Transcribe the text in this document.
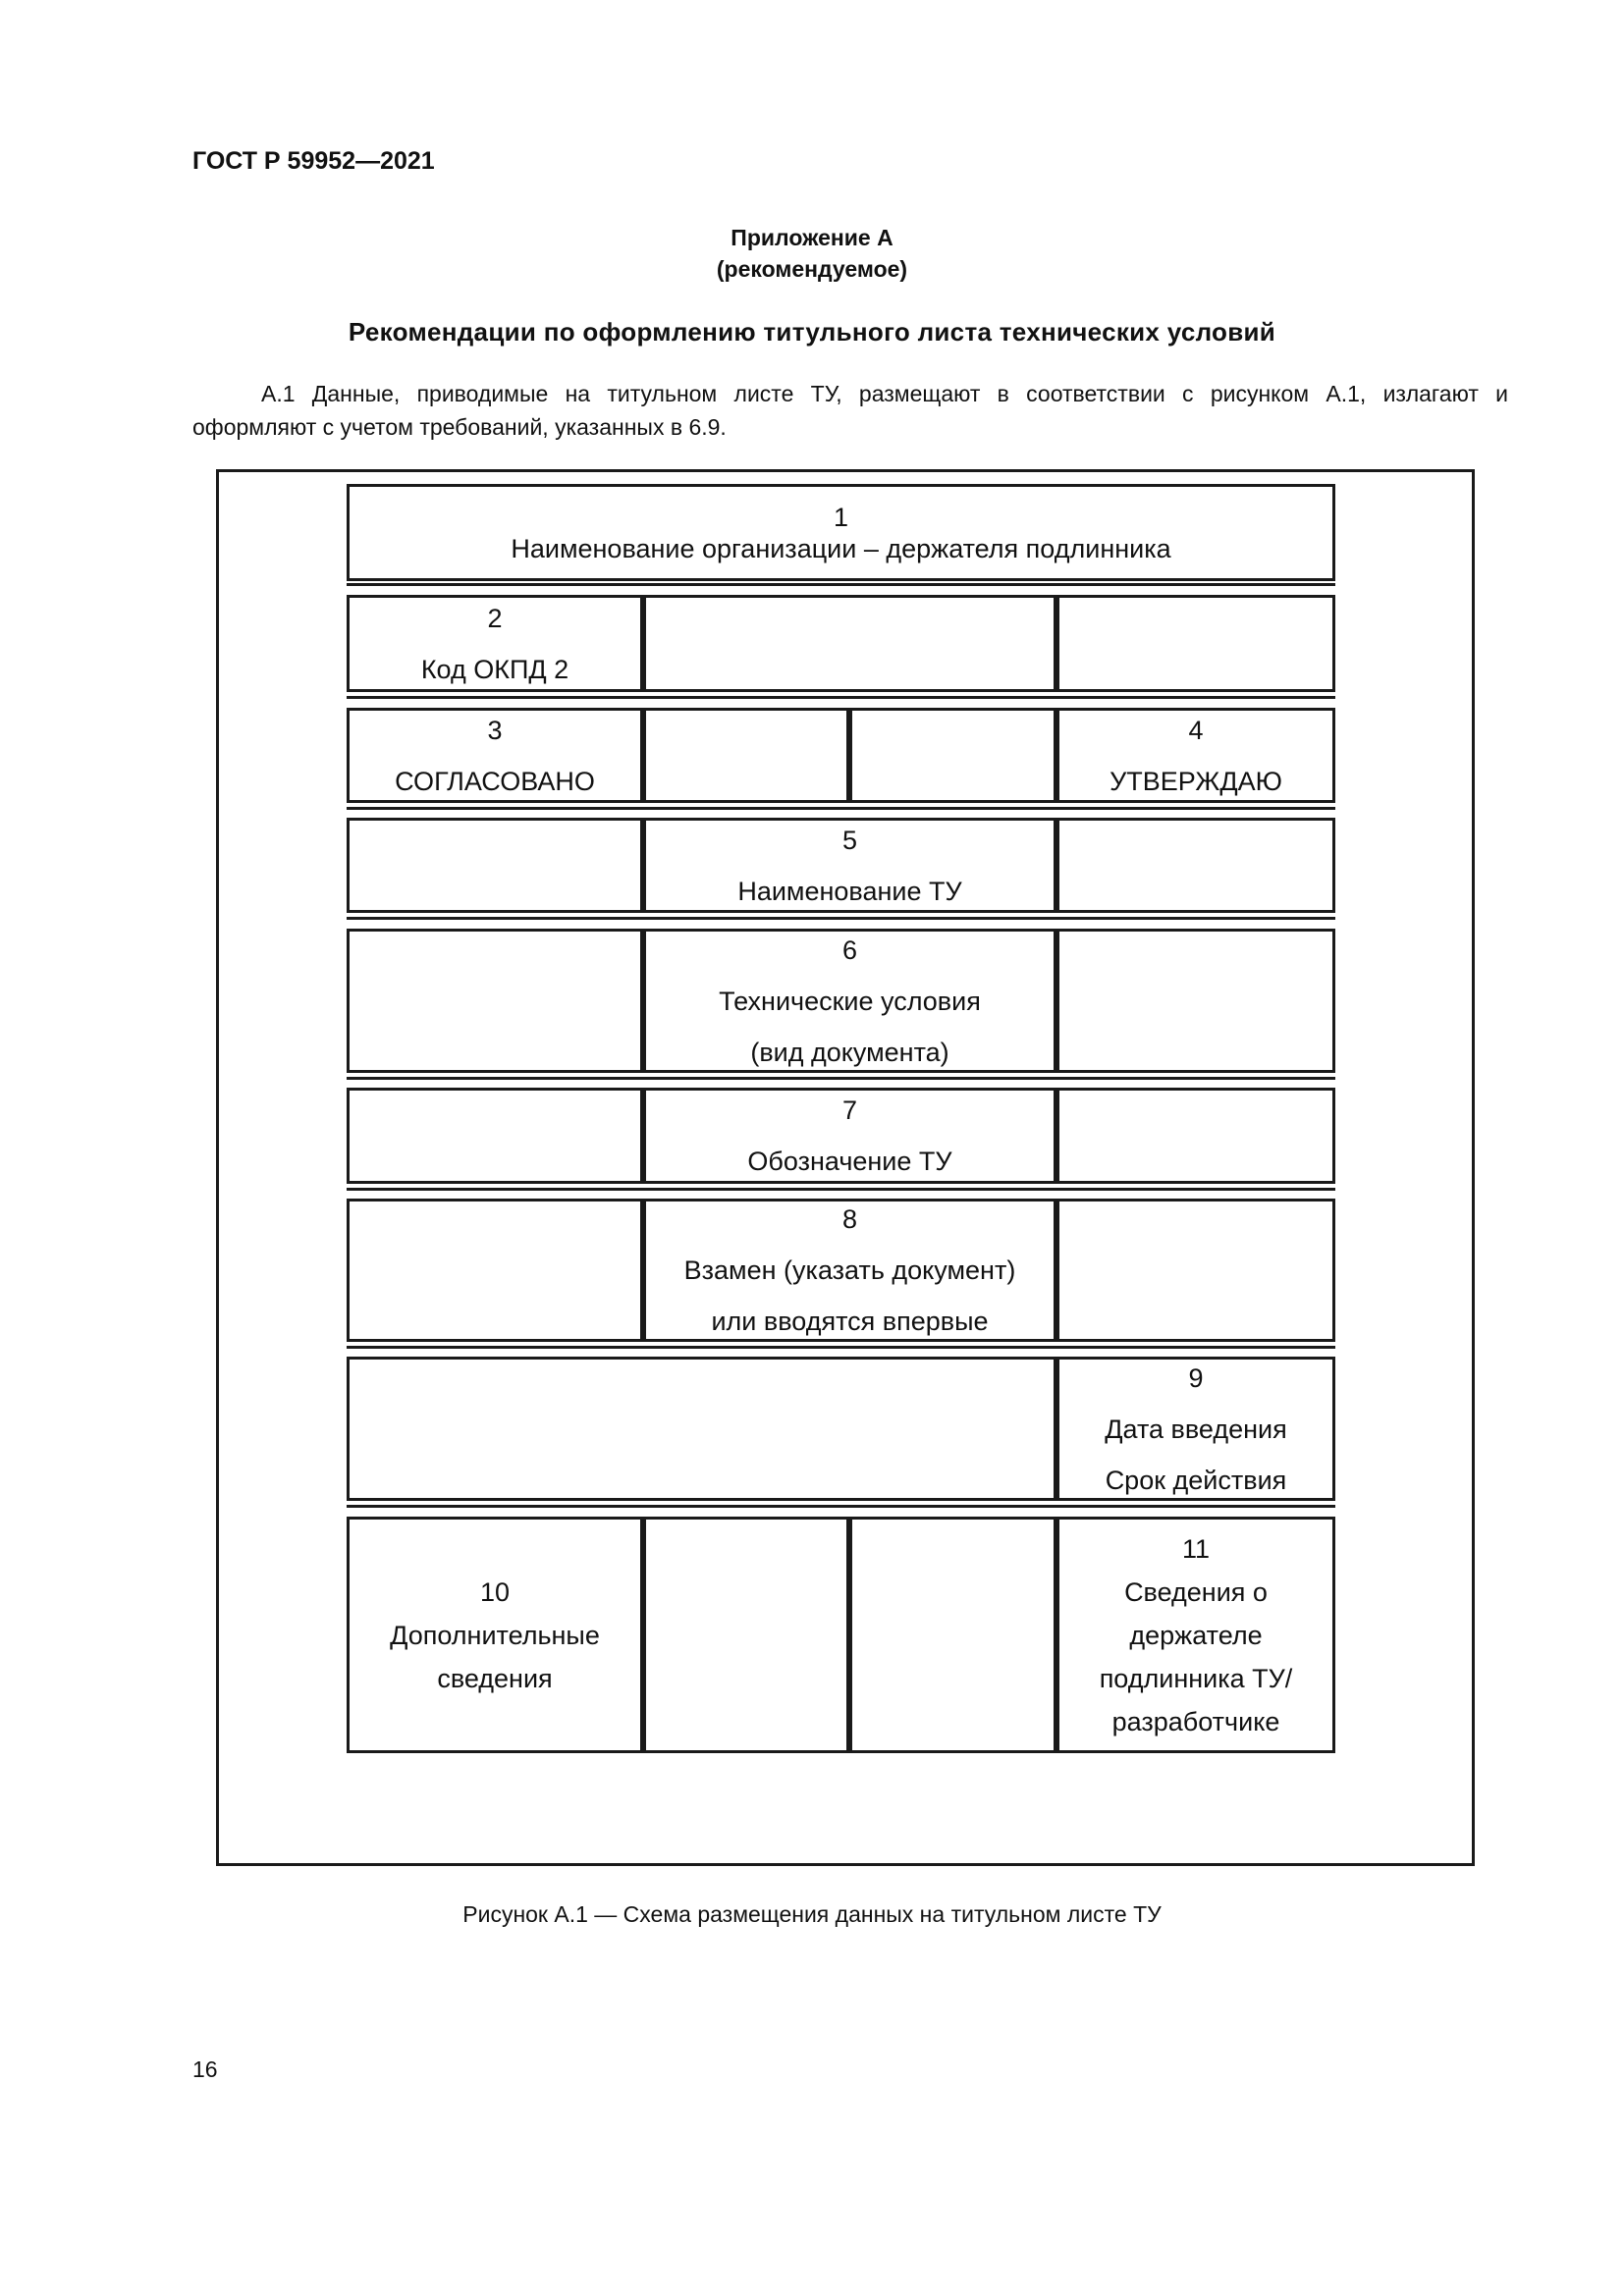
ГОСТ Р 59952—2021
Приложение А
(рекомендуемое)
Рекомендации по оформлению титульного листа технических условий
А.1 Данные, приводимые на титульном листе ТУ, размещают в соответствии с рисунком А.1, излагают и
оформляют с учетом требований, указанных в 6.9.
1
Наименование организации – держателя подлинника
2
Код ОКПД 2
3
СОГЛАСОВАНО
4
УТВЕРЖДАЮ
5
Наименование ТУ
6
Технические условия
(вид документа)
7
Обозначение ТУ
8
Взамен (указать документ)
или вводятся впервые
9
Дата введения
Срок действия
10
Дополнительные
сведения
11
Сведения о
держателе
подлинника ТУ/
разработчике
Рисунок А.1 — Схема размещения данных на титульном листе ТУ
16
